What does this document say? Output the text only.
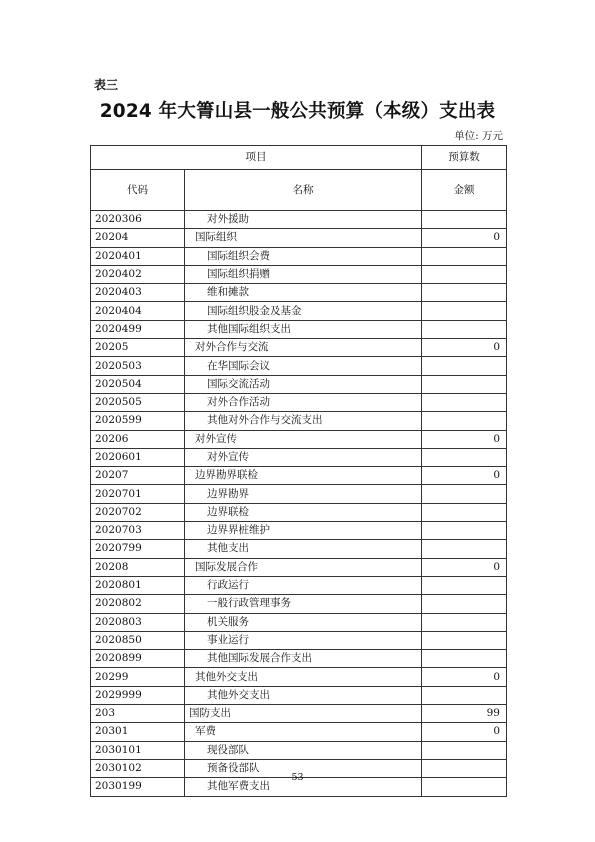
表三
2024 年大箐山县一般公共预算（本级）支出表
单位: 万元
项目		预算数
代码	名称	金额
2020306	对外援助	
20204	国际组织	0
2020401	国际组织会费	
2020402	国际组织捐赠	
2020403	维和摊款	
2020404	国际组织股金及基金	
2020499	其他国际组织支出	
20205	对外合作与交流	0
2020503	在华国际会议	
2020504	国际交流活动	
2020505	对外合作活动	
2020599	其他对外合作与交流支出	
20206	对外宣传	0
2020601	对外宣传	
20207	边界勘界联检	0
2020701	边界勘界	
2020702	边界联检	
2020703	边界界桩维护	
2020799	其他支出	
20208	国际发展合作	0
2020801	行政运行	
2020802	一般行政管理事务	
2020803	机关服务	
2020850	事业运行	
2020899	其他国际发展合作支出	
20299	其他外交支出	0
2029999	其他外交支出	
203	国防支出	99
20301	军费	0
2030101	现役部队	
2030102	预备役部队	
2030199	其他军费支出	
53
